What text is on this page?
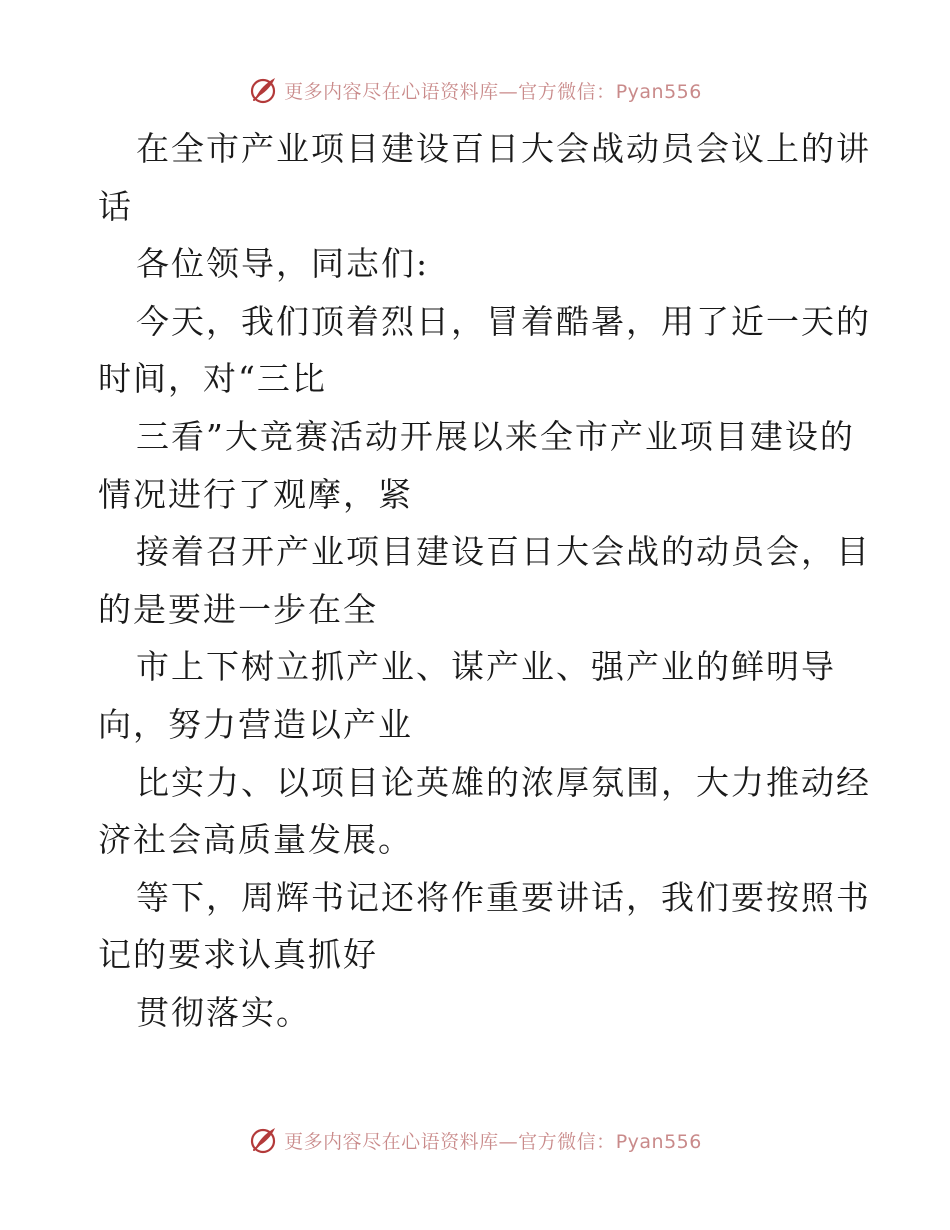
更多内容尽在心语资料库—官方微信：Pyan556
在全市产业项目建设百日大会战动员会议上的讲
话
各位领导，同志们:
今天，我们顶着烈日，冒着酷暑，用了近一天的
时间，对“三比
三看”大竞赛活动开展以来全市产业项目建设的
情况进行了观摩，紧
接着召开产业项目建设百日大会战的动员会，目
的是要进一步在全
市上下树立抓产业、谋产业、强产业的鲜明导
向，努力营造以产业
比实力、以项目论英雄的浓厚氛围，大力推动经
济社会高质量发展。
等下，周辉书记还将作重要讲话，我们要按照书
记的要求认真抓好
贯彻落实。
更多内容尽在心语资料库—官方微信：Pyan556
